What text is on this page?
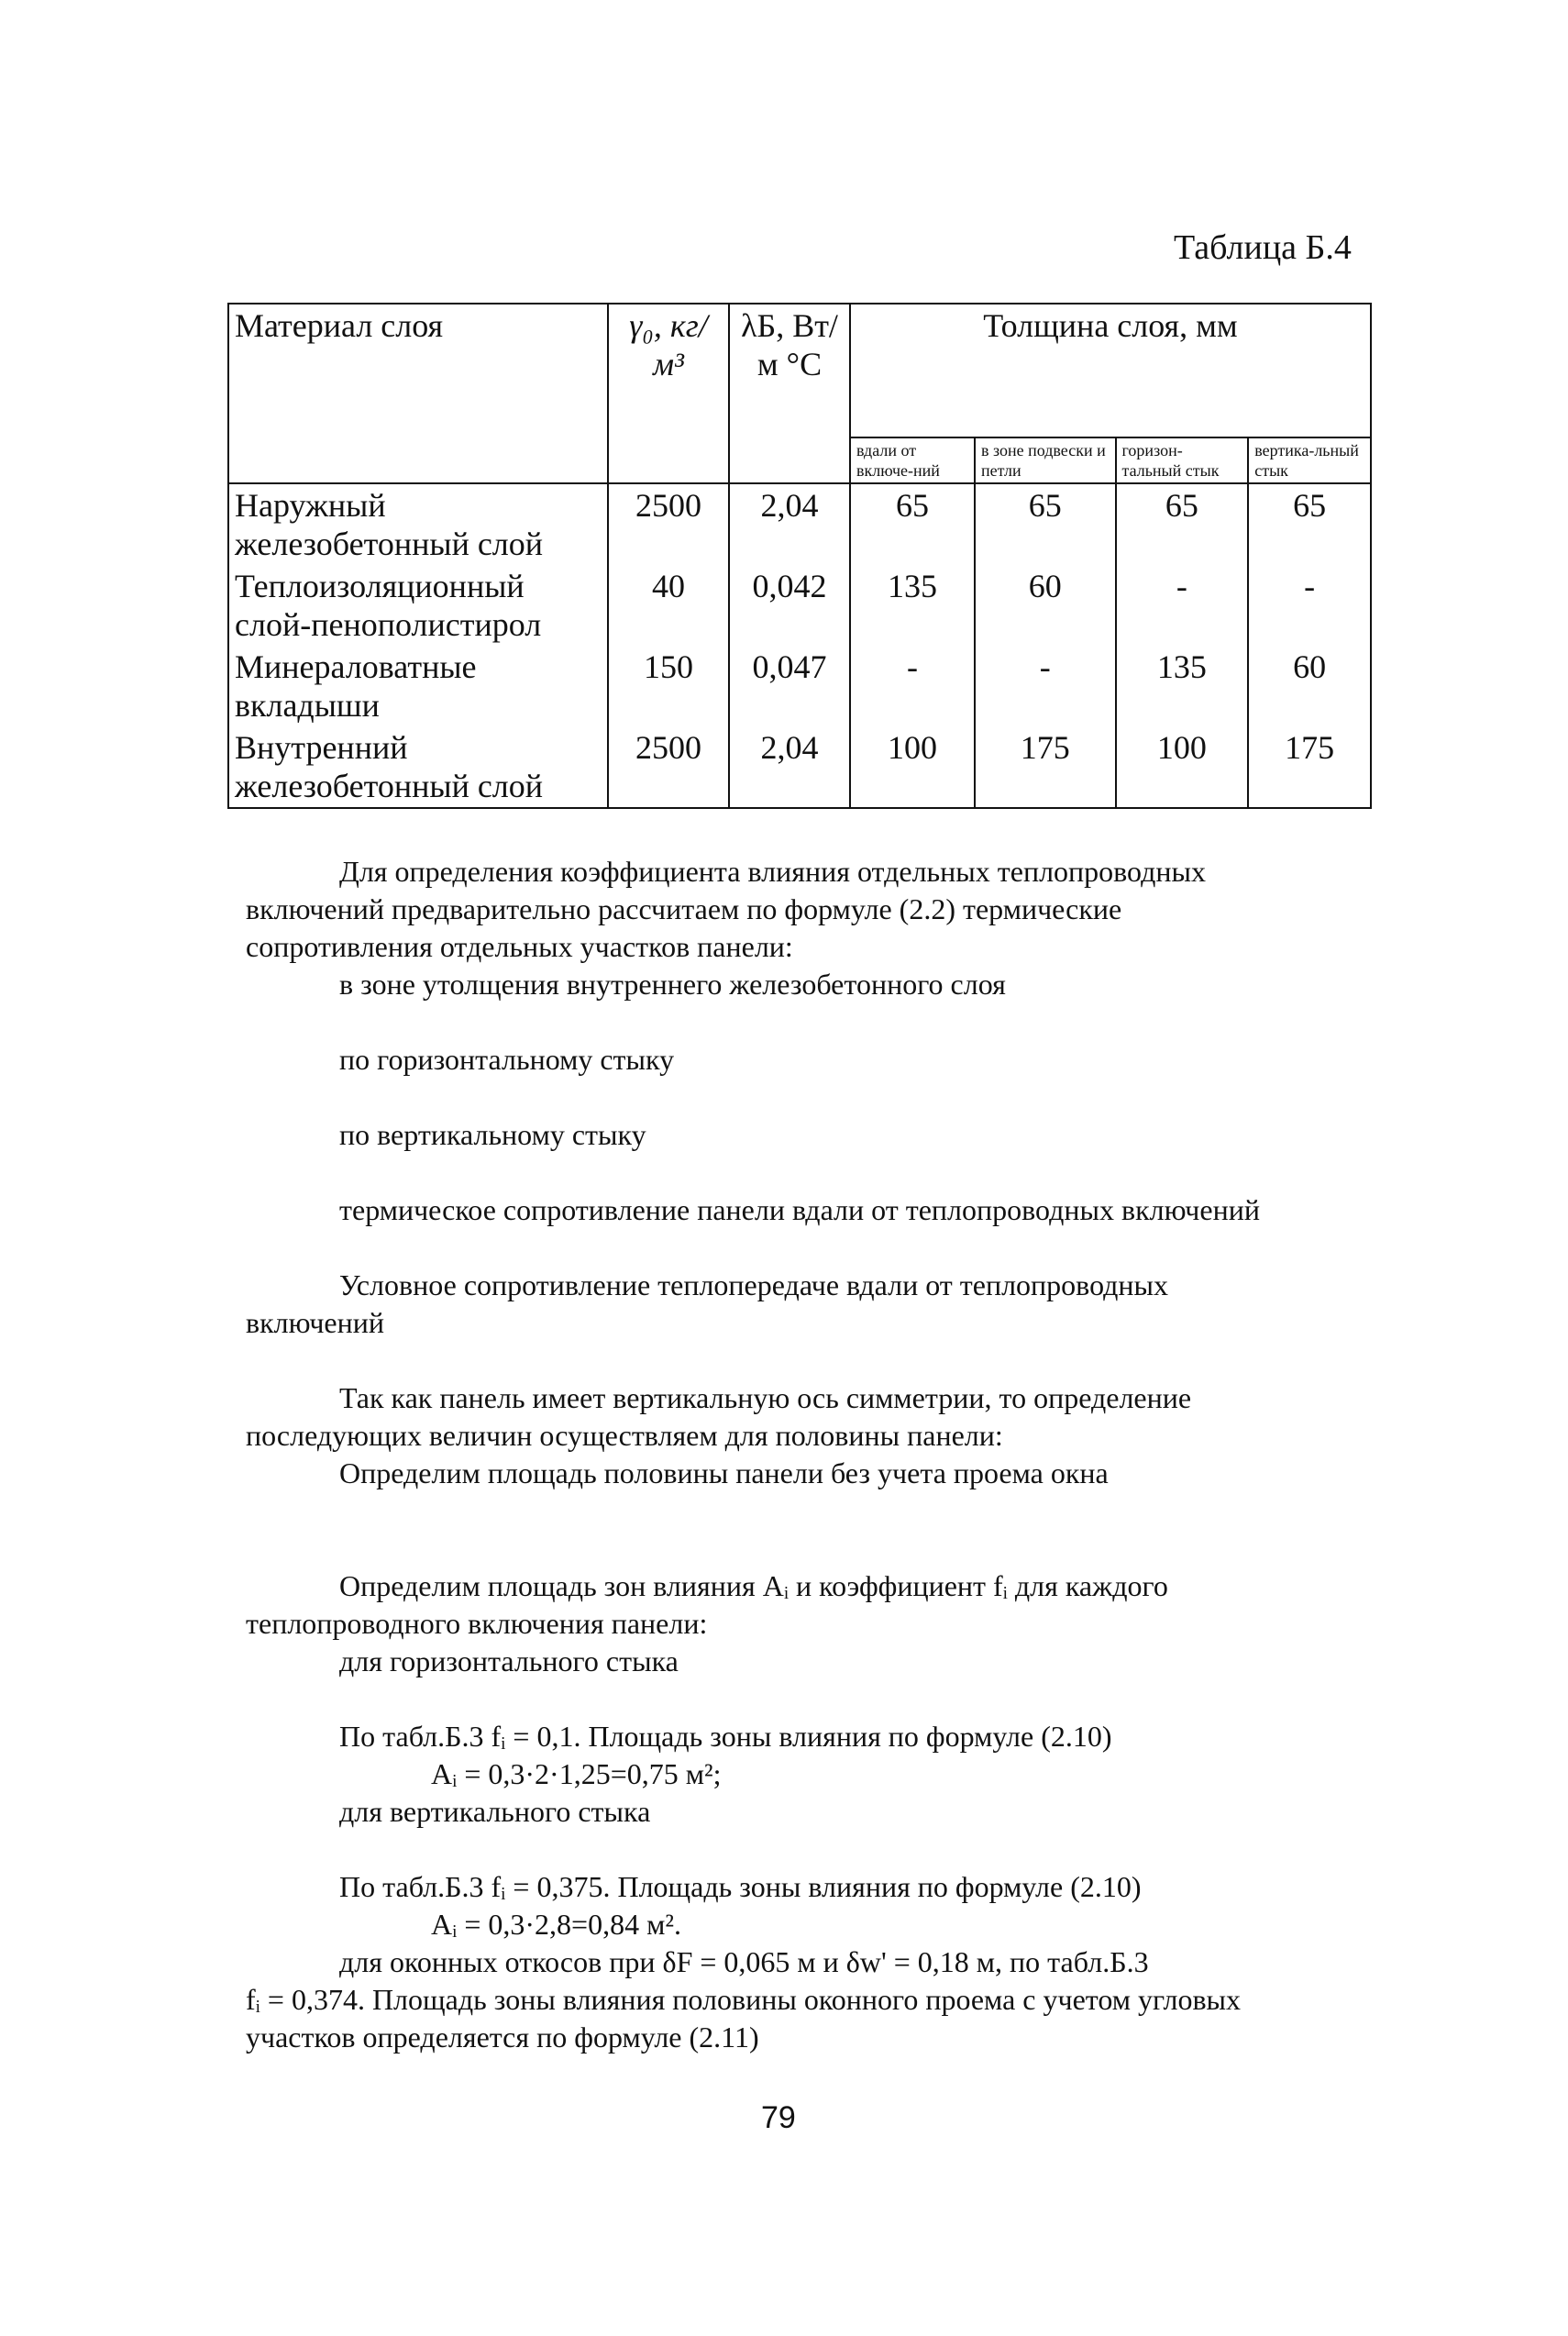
Таблица Б.4
Материал слоя	γ₀, кг/м³	λБ, Вт/м °С	Толщина слоя, мм			
			вдали от включе-ний	в зоне подвески и петли	горизон-тальный стык	вертика-льный стык
Наружный железобетонный слой	2500	2,04	65	65	65	65
Теплоизоляционный слой-пенополистирол	40	0,042	135	60	-	-
Минераловатные вкладыши	150	0,047	-	-	135	60
Внутренний железобетонный слой	2500	2,04	100	175	100	175
Для определения коэффициента влияния отдельных теплопроводных
включений предварительно рассчитаем по формуле (2.2) термические
сопротивления отдельных участков панели:
в зоне утолщения внутреннего железобетонного слоя
по горизонтальному стыку
по вертикальному стыку
термическое сопротивление панели вдали от теплопроводных включений
Условное сопротивление теплопередаче вдали от теплопроводных
включений
Так как панель имеет вертикальную ось симметрии, то определение
последующих величин осуществляем для половины панели:
Определим площадь половины панели без учета проема окна
Определим площадь зон влияния Aᵢ и коэффициент fᵢ для каждого
теплопроводного включения панели:
для горизонтального стыка
По табл.Б.3 fᵢ = 0,1. Площадь зоны влияния по формуле (2.10)
Aᵢ = 0,3·2·1,25=0,75 м²;
для вертикального стыка
По табл.Б.3 fᵢ = 0,375. Площадь зоны влияния по формуле (2.10)
Aᵢ = 0,3·2,8=0,84 м².
для оконных откосов при δF = 0,065 м и δw' = 0,18 м, по табл.Б.3
fᵢ = 0,374. Площадь зоны влияния половины оконного проема с учетом угловых
участков определяется по формуле (2.11)
79
